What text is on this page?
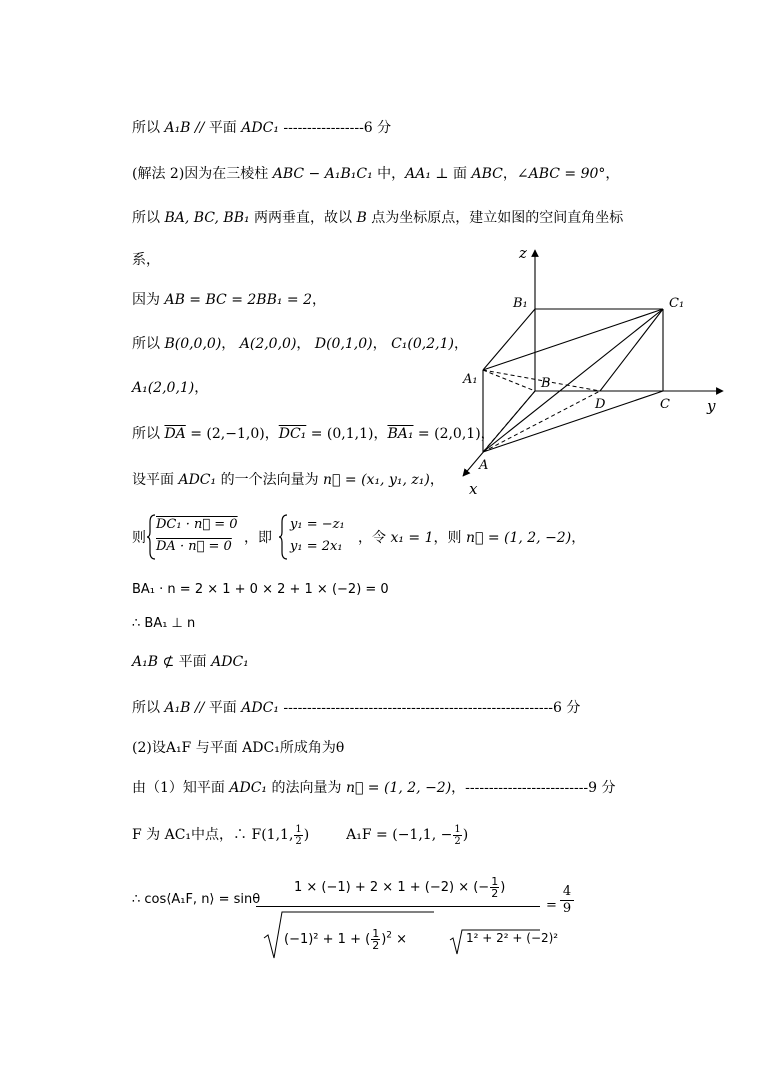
所以 A₁B // 平面 ADC₁ -----------------6 分
(解法 2)因为在三棱柱 ABC − A₁B₁C₁ 中，AA₁ ⊥ 面 ABC，∠ABC = 90°，
所以 BA, BC, BB₁ 两两垂直，故以 B 点为坐标原点，建立如图的空间直角坐标
系，
因为 AB = BC = 2BB₁ = 2，
所以 B(0,0,0)， A(2,0,0)， D(0,1,0)， C₁(0,2,1)，
A₁(2,0,1)，
所以 $\overline{DA} = (2,-1,0)$，DC₁ = (0,1,1)，BA₁ = (2,0,1)，
设平面 ADC₁ 的一个法向量为 n⃗ = (x₁, y₁, z₁)，
则
DC₁ · n⃗ = 0
DA · n⃗ = 0
，即
y₁ = −z₁
y₁ = 2x₁
，令 x₁ = 1，则 n⃗ = (1, 2, −2)，
BA₁ · n = 2 × 1 + 0 × 2 + 1 × (−2) = 0
∴ BA₁ ⊥ n
A₁B ⊄ 平面 ADC₁
所以 A₁B // 平面 ADC₁ ---------------------------------------------------------6 分
(2)设A₁F 与平面 ADC₁所成角为θ
由（1）知平面 ADC₁ 的法向量为 n⃗ = (1, 2, −2)，--------------------------9 分
F 为 AC₁中点，∴ F(1,1, $\frac{1}{2}$ )	A₁F = (−1,1, − $\frac{1}{2}$ )
∴ cos⟨A₁F, n⟩ = sinθ
1 × (−1) + 2 × 1 + (−2) × (− $\frac{1}{2}$ )
(−1)² + 1 + ( $\frac{1}{2} )^2$ ×	1² + 2² + (−2)²
=
4
9
z
y
x
B₁	C₁
A₁	B
D	C
A
